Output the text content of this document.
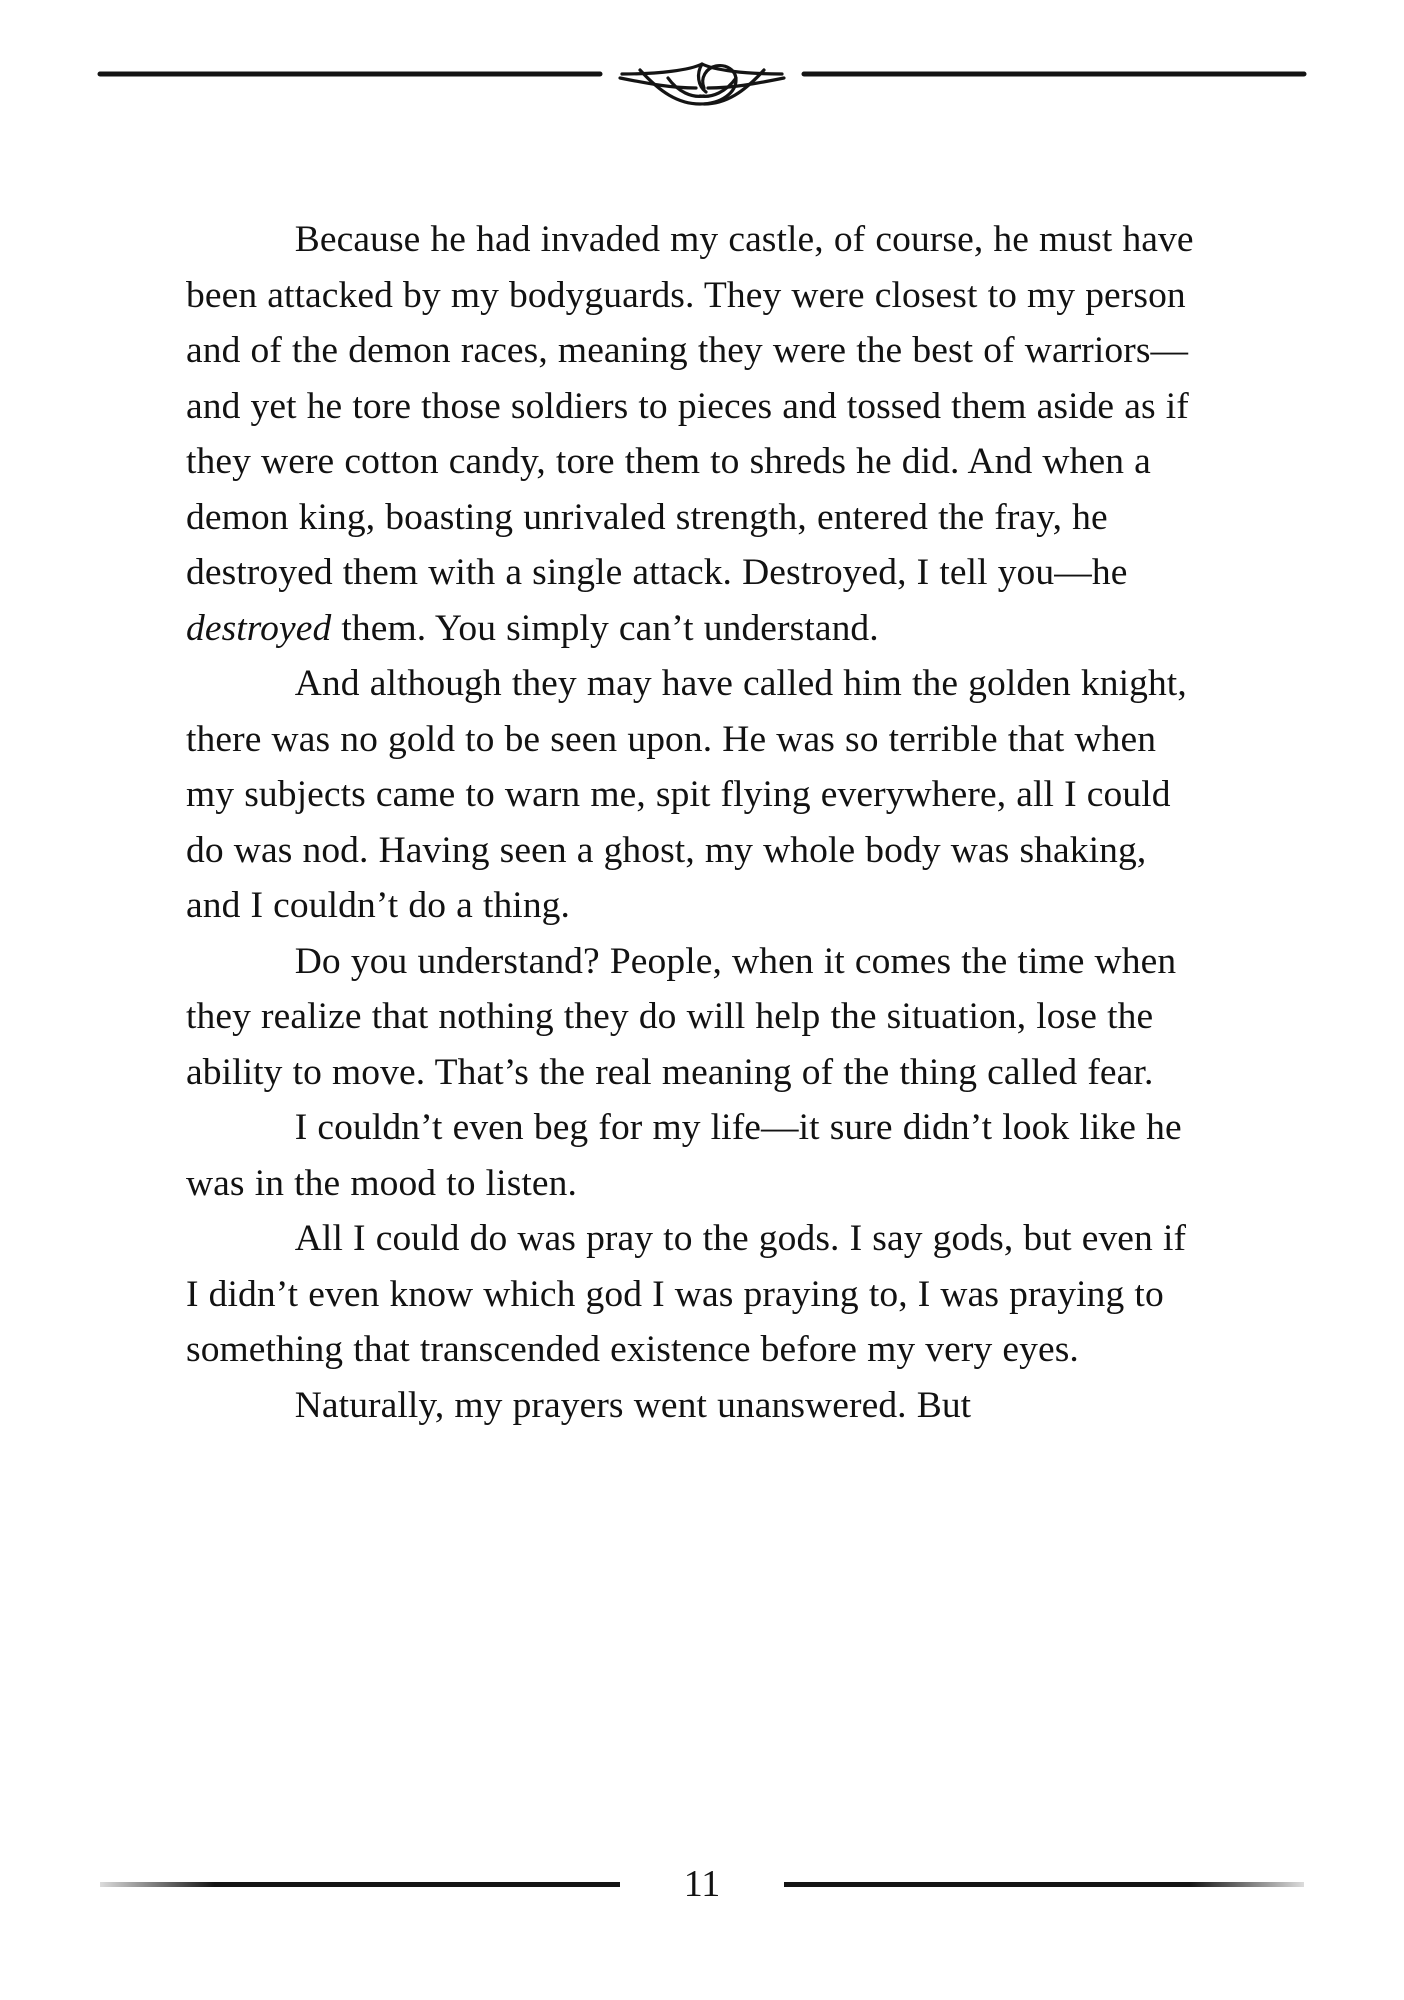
Because he had invaded my castle, of course, he must have been attacked by my bodyguards. They were closest to my person and of the demon races, meaning they were the best of warriors—and yet he tore those soldiers to pieces and tossed them aside as if they were cotton candy, tore them to shreds he did. And when a demon king, boasting unrivaled strength, entered the fray, he destroyed them with a single attack. Destroyed, I tell you—he destroyed them. You simply can’t understand.

And although they may have called him the golden knight, there was no gold to be seen upon. He was so terrible that when my subjects came to warn me, spit flying everywhere, all I could do was nod. Having seen a ghost, my whole body was shaking, and I couldn’t do a thing.

Do you understand? People, when it comes the time when they realize that nothing they do will help the situation, lose the ability to move. That’s the real meaning of the thing called fear.

I couldn’t even beg for my life—it sure didn’t look like he was in the mood to listen.

All I could do was pray to the gods. I say gods, but even if I didn’t even know which god I was praying to, I was praying to something that transcended existence before my very eyes.

Naturally, my prayers went unanswered. But

11
